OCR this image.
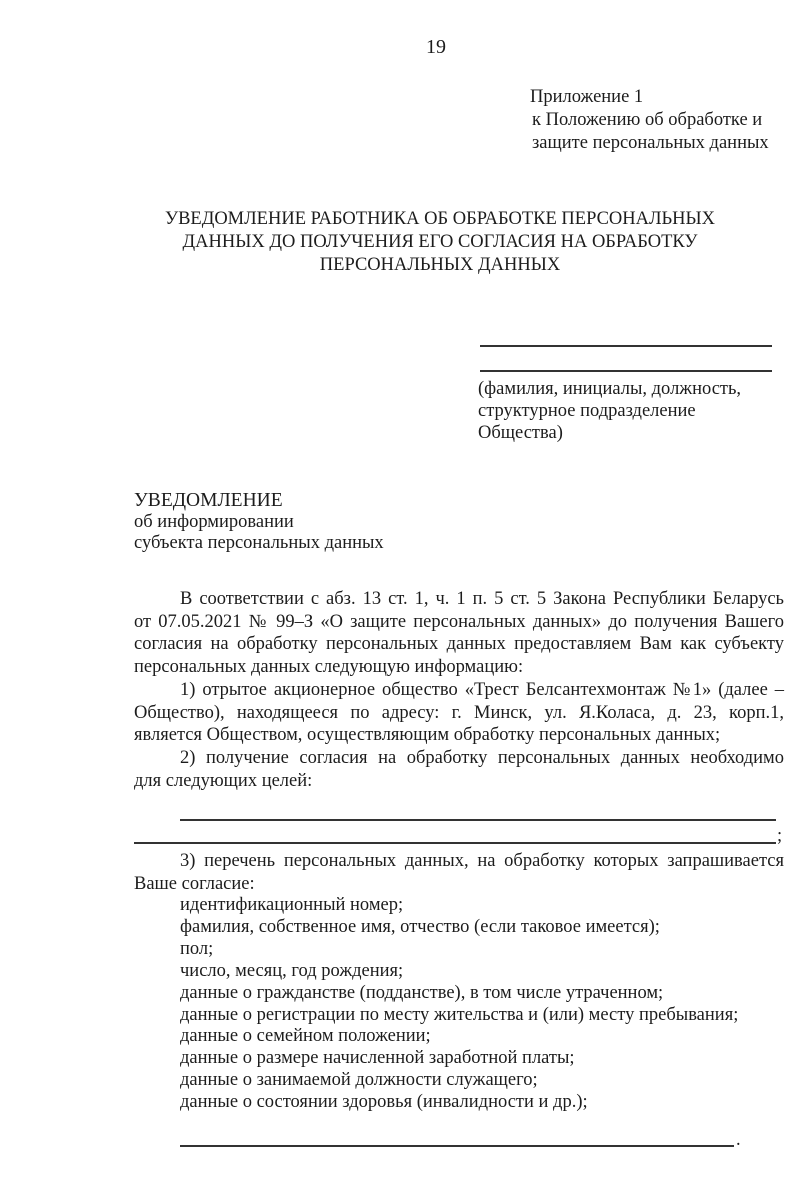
19
Приложение 1
к Положению об обработке и
защите персональных данных
УВЕДОМЛЕНИЕ РАБОТНИКА ОБ ОБРАБОТКЕ ПЕРСОНАЛЬНЫХ
ДАННЫХ ДО ПОЛУЧЕНИЯ ЕГО СОГЛАСИЯ НА ОБРАБОТКУ
ПЕРСОНАЛЬНЫХ ДАННЫХ
(фамилия, инициалы, должность,
структурное подразделение
Общества)
УВЕДОМЛЕНИЕ
об информировании
субъекта персональных данных
В соответствии с абз. 13 ст. 1, ч. 1 п. 5 ст. 5 Закона Республики Беларусь
от 07.05.2021 № 99–З «О защите персональных данных» до получения Вашего
согласия на обработку персональных данных предоставляем Вам как субъекту
персональных данных следующую информацию:
1) отрытое акционерное общество «Трест Белсантехмонтаж №1» (далее –
Общество), находящееся по адресу: г. Минск, ул. Я.Коласа, д. 23, корп.1,
является Обществом, осуществляющим обработку персональных данных;
2) получение согласия на обработку персональных данных необходимо
для следующих целей:
;
3) перечень персональных данных, на обработку которых запрашивается
Ваше согласие:
идентификационный номер;
фамилия, собственное имя, отчество (если таковое имеется);
пол;
число, месяц, год рождения;
данные о гражданстве (подданстве), в том числе утраченном;
данные о регистрации по месту жительства и (или) месту пребывания;
данные о семейном положении;
данные о размере начисленной заработной платы;
данные о занимаемой должности служащего;
данные о состоянии здоровья (инвалидности и др.);
.
